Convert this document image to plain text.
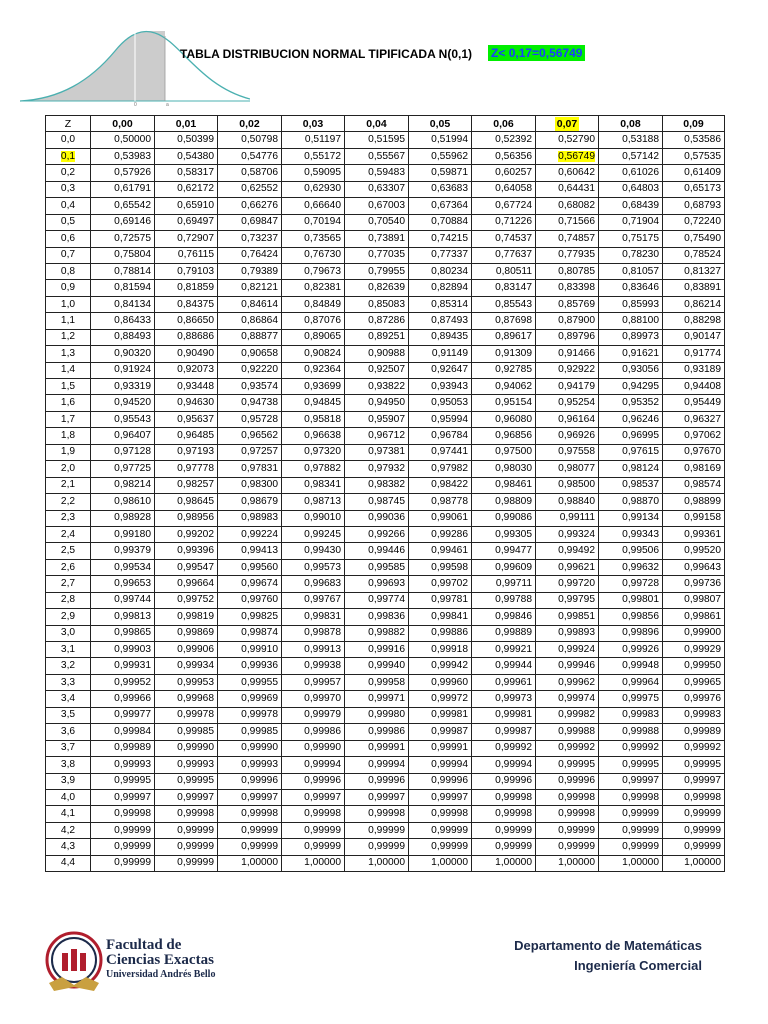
0	a
TABLA DISTRIBUCION NORMAL TIPIFICADA N(0,1) Z< 0,17=0,56749
Z	0,00	0,01	0,02	0,03	0,04	0,05	0,06	0,07	0,08	0,09
0,0	0,50000	0,50399	0,50798	0,51197	0,51595	0,51994	0,52392	0,52790	0,53188	0,53586
0,1	0,53983	0,54380	0,54776	0,55172	0,55567	0,55962	0,56356	0,56749	0,57142	0,57535
0,2	0,57926	0,58317	0,58706	0,59095	0,59483	0,59871	0,60257	0,60642	0,61026	0,61409
0,3	0,61791	0,62172	0,62552	0,62930	0,63307	0,63683	0,64058	0,64431	0,64803	0,65173
0,4	0,65542	0,65910	0,66276	0,66640	0,67003	0,67364	0,67724	0,68082	0,68439	0,68793
0,5	0,69146	0,69497	0,69847	0,70194	0,70540	0,70884	0,71226	0,71566	0,71904	0,72240
0,6	0,72575	0,72907	0,73237	0,73565	0,73891	0,74215	0,74537	0,74857	0,75175	0,75490
0,7	0,75804	0,76115	0,76424	0,76730	0,77035	0,77337	0,77637	0,77935	0,78230	0,78524
0,8	0,78814	0,79103	0,79389	0,79673	0,79955	0,80234	0,80511	0,80785	0,81057	0,81327
0,9	0,81594	0,81859	0,82121	0,82381	0,82639	0,82894	0,83147	0,83398	0,83646	0,83891
1,0	0,84134	0,84375	0,84614	0,84849	0,85083	0,85314	0,85543	0,85769	0,85993	0,86214
1,1	0,86433	0,86650	0,86864	0,87076	0,87286	0,87493	0,87698	0,87900	0,88100	0,88298
1,2	0,88493	0,88686	0,88877	0,89065	0,89251	0,89435	0,89617	0,89796	0,89973	0,90147
1,3	0,90320	0,90490	0,90658	0,90824	0,90988	0,91149	0,91309	0,91466	0,91621	0,91774
1,4	0,91924	0,92073	0,92220	0,92364	0,92507	0,92647	0,92785	0,92922	0,93056	0,93189
1,5	0,93319	0,93448	0,93574	0,93699	0,93822	0,93943	0,94062	0,94179	0,94295	0,94408
1,6	0,94520	0,94630	0,94738	0,94845	0,94950	0,95053	0,95154	0,95254	0,95352	0,95449
1,7	0,95543	0,95637	0,95728	0,95818	0,95907	0,95994	0,96080	0,96164	0,96246	0,96327
1,8	0,96407	0,96485	0,96562	0,96638	0,96712	0,96784	0,96856	0,96926	0,96995	0,97062
1,9	0,97128	0,97193	0,97257	0,97320	0,97381	0,97441	0,97500	0,97558	0,97615	0,97670
2,0	0,97725	0,97778	0,97831	0,97882	0,97932	0,97982	0,98030	0,98077	0,98124	0,98169
2,1	0,98214	0,98257	0,98300	0,98341	0,98382	0,98422	0,98461	0,98500	0,98537	0,98574
2,2	0,98610	0,98645	0,98679	0,98713	0,98745	0,98778	0,98809	0,98840	0,98870	0,98899
2,3	0,98928	0,98956	0,98983	0,99010	0,99036	0,99061	0,99086	0,99111	0,99134	0,99158
2,4	0,99180	0,99202	0,99224	0,99245	0,99266	0,99286	0,99305	0,99324	0,99343	0,99361
2,5	0,99379	0,99396	0,99413	0,99430	0,99446	0,99461	0,99477	0,99492	0,99506	0,99520
2,6	0,99534	0,99547	0,99560	0,99573	0,99585	0,99598	0,99609	0,99621	0,99632	0,99643
2,7	0,99653	0,99664	0,99674	0,99683	0,99693	0,99702	0,99711	0,99720	0,99728	0,99736
2,8	0,99744	0,99752	0,99760	0,99767	0,99774	0,99781	0,99788	0,99795	0,99801	0,99807
2,9	0,99813	0,99819	0,99825	0,99831	0,99836	0,99841	0,99846	0,99851	0,99856	0,99861
3,0	0,99865	0,99869	0,99874	0,99878	0,99882	0,99886	0,99889	0,99893	0,99896	0,99900
3,1	0,99903	0,99906	0,99910	0,99913	0,99916	0,99918	0,99921	0,99924	0,99926	0,99929
3,2	0,99931	0,99934	0,99936	0,99938	0,99940	0,99942	0,99944	0,99946	0,99948	0,99950
3,3	0,99952	0,99953	0,99955	0,99957	0,99958	0,99960	0,99961	0,99962	0,99964	0,99965
3,4	0,99966	0,99968	0,99969	0,99970	0,99971	0,99972	0,99973	0,99974	0,99975	0,99976
3,5	0,99977	0,99978	0,99978	0,99979	0,99980	0,99981	0,99981	0,99982	0,99983	0,99983
3,6	0,99984	0,99985	0,99985	0,99986	0,99986	0,99987	0,99987	0,99988	0,99988	0,99989
3,7	0,99989	0,99990	0,99990	0,99990	0,99991	0,99991	0,99992	0,99992	0,99992	0,99992
3,8	0,99993	0,99993	0,99993	0,99994	0,99994	0,99994	0,99994	0,99995	0,99995	0,99995
3,9	0,99995	0,99995	0,99996	0,99996	0,99996	0,99996	0,99996	0,99996	0,99997	0,99997
4,0	0,99997	0,99997	0,99997	0,99997	0,99997	0,99997	0,99998	0,99998	0,99998	0,99998
4,1	0,99998	0,99998	0,99998	0,99998	0,99998	0,99998	0,99998	0,99998	0,99999	0,99999
4,2	0,99999	0,99999	0,99999	0,99999	0,99999	0,99999	0,99999	0,99999	0,99999	0,99999
4,3	0,99999	0,99999	0,99999	0,99999	0,99999	0,99999	0,99999	0,99999	0,99999	0,99999
4,4	0,99999	0,99999	1,00000	1,00000	1,00000	1,00000	1,00000	1,00000	1,00000	1,00000
Facultad de
Ciencias Exactas
Universidad Andrés Bello
Departamento de Matemáticas
Ingeniería Comercial
